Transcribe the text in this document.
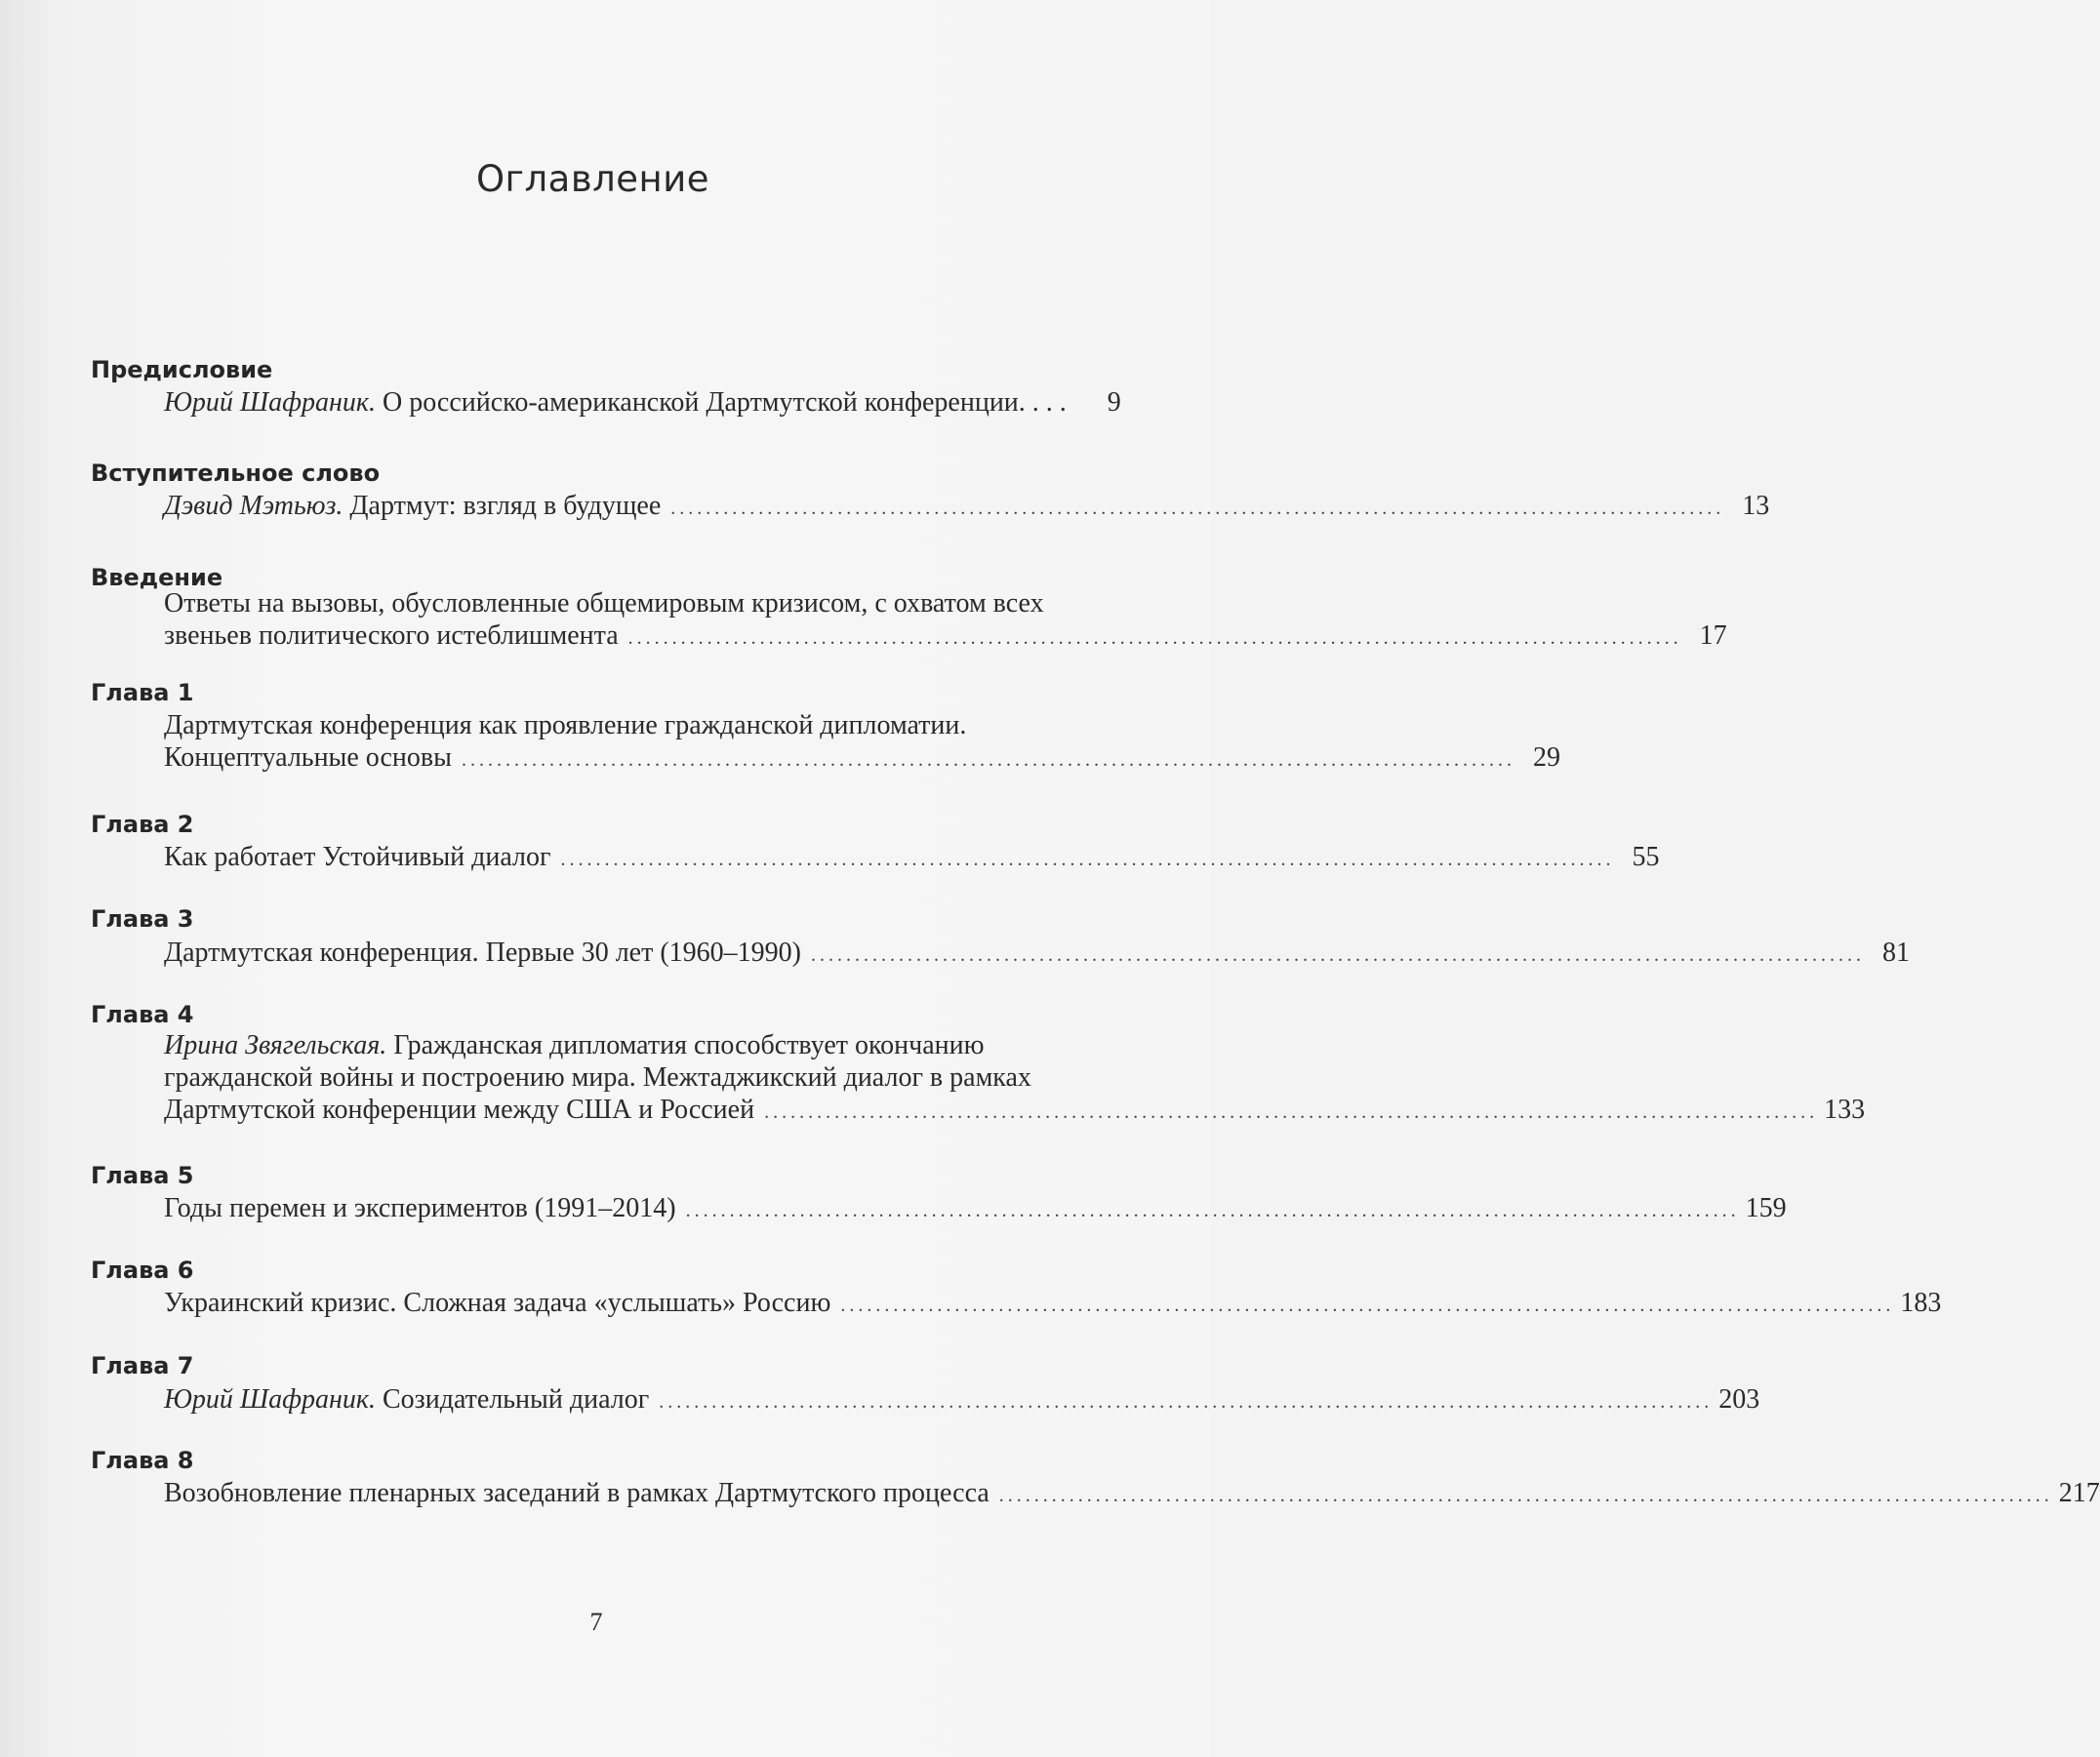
Оглавление
Предисловие
Юрий Шафраник. О российско-американской Дартмутской конференции. . . .	9
Вступительное слово
Дэвид Мэтьюз. Дартмут: взгляд в будущее ........................................................................................................................ 13
Введение
Ответы на вызовы, обусловленные общемировым кризисом, с охватом всех
звеньев политического истеблишмента ........................................................................................................................ 17
Глава 1
Дартмутская конференция как проявление гражданской дипломатии.
Концептуальные основы ........................................................................................................................ 29
Глава 2
Как работает Устойчивый диалог ........................................................................................................................ 55
Глава 3
Дартмутская конференция. Первые 30 лет (1960–1990) ........................................................................................................................ 81
Глава 4
Ирина Звягельская. Гражданская дипломатия способствует окончанию
гражданской войны и построению мира. Межтаджикский диалог в рамках
Дартмутской конференции между США и Россией ........................................................................................................................ 133
Глава 5
Годы перемен и экспериментов (1991–2014) ........................................................................................................................ 159
Глава 6
Украинский кризис. Сложная задача «услышать» Россию ........................................................................................................................ 183
Глава 7
Юрий Шафраник. Созидательный диалог ........................................................................................................................ 203
Глава 8
Возобновление пленарных заседаний в рамках Дартмутского процесса ........................................................................................................................ 217
7
